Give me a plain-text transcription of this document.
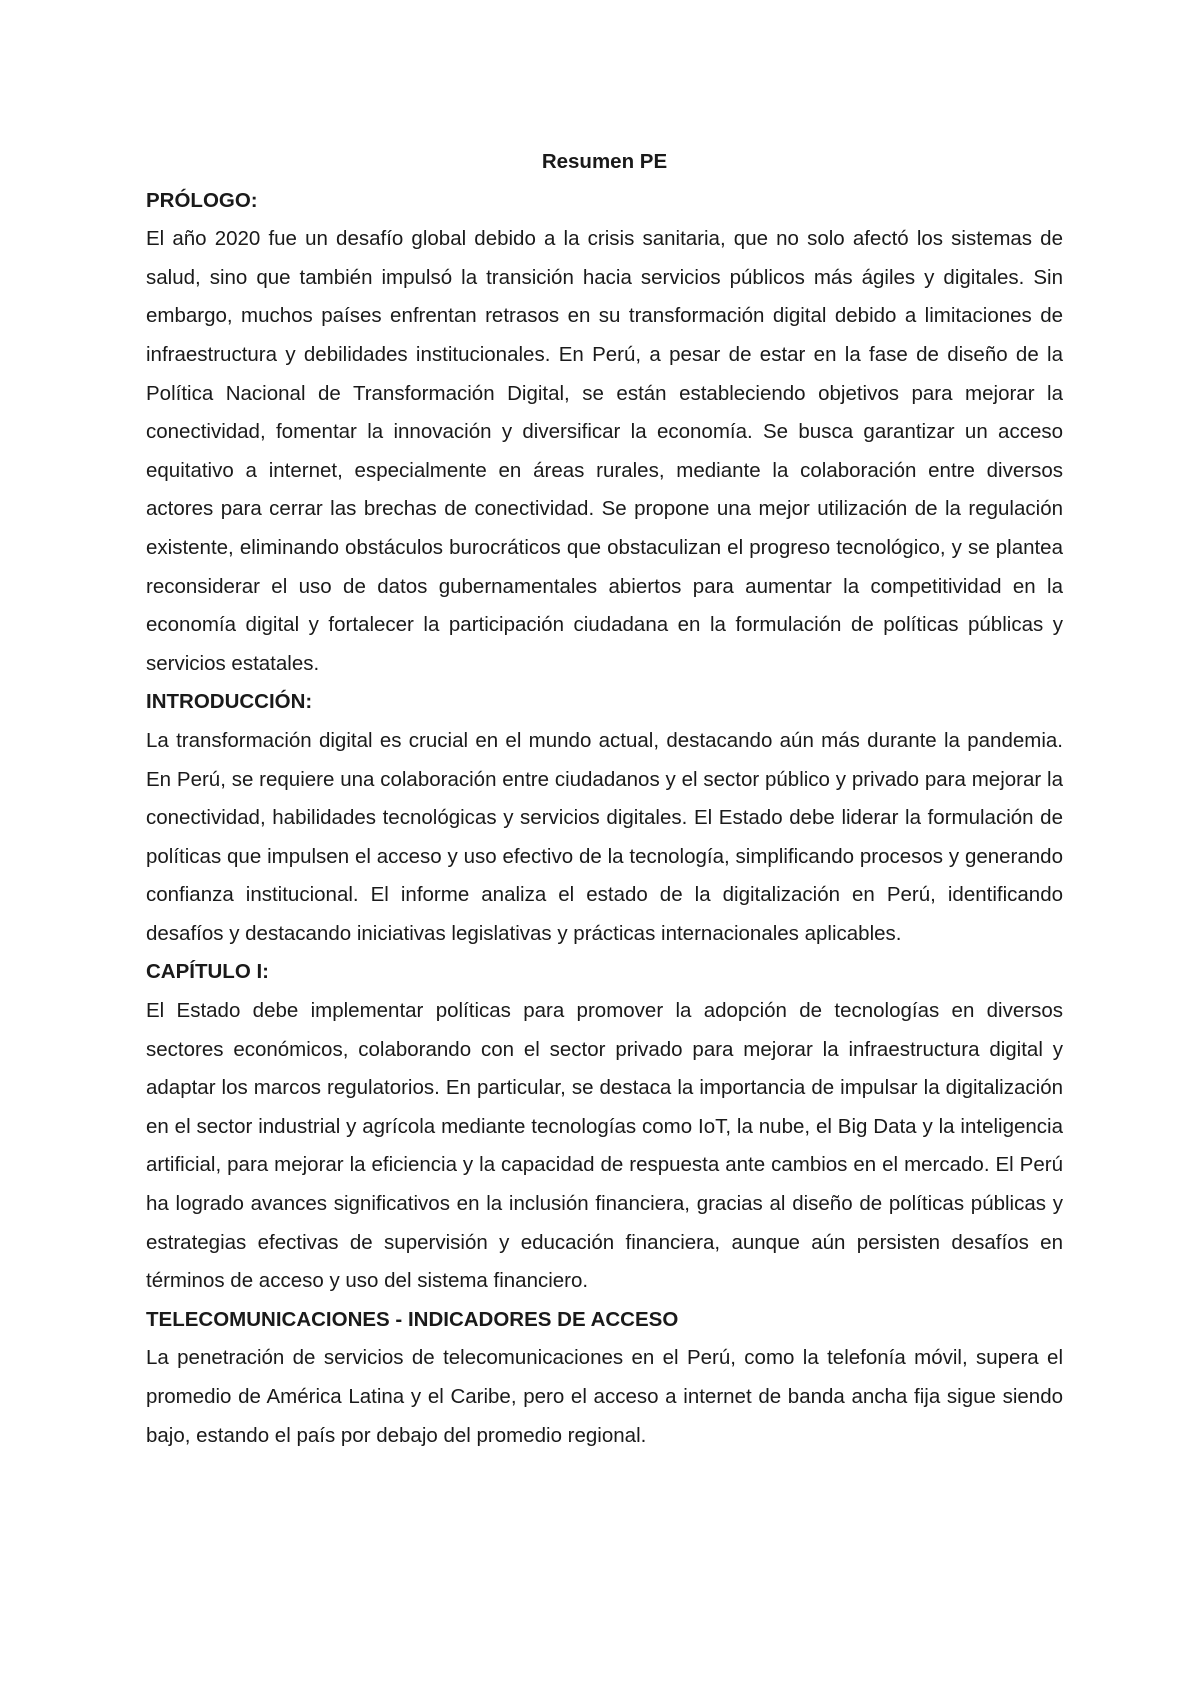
Resumen PE
PRÓLOGO:
El año 2020 fue un desafío global debido a la crisis sanitaria, que no solo afectó los sistemas de salud, sino que también impulsó la transición hacia servicios públicos más ágiles y digitales. Sin embargo, muchos países enfrentan retrasos en su transformación digital debido a limitaciones de infraestructura y debilidades institucionales. En Perú, a pesar de estar en la fase de diseño de la Política Nacional de Transformación Digital, se están estableciendo objetivos para mejorar la conectividad, fomentar la innovación y diversificar la economía. Se busca garantizar un acceso equitativo a internet, especialmente en áreas rurales, mediante la colaboración entre diversos actores para cerrar las brechas de conectividad. Se propone una mejor utilización de la regulación existente, eliminando obstáculos burocráticos que obstaculizan el progreso tecnológico, y se plantea reconsiderar el uso de datos gubernamentales abiertos para aumentar la competitividad en la economía digital y fortalecer la participación ciudadana en la formulación de políticas públicas y servicios estatales.
INTRODUCCIÓN:
La transformación digital es crucial en el mundo actual, destacando aún más durante la pandemia. En Perú, se requiere una colaboración entre ciudadanos y el sector público y privado para mejorar la conectividad, habilidades tecnológicas y servicios digitales. El Estado debe liderar la formulación de políticas que impulsen el acceso y uso efectivo de la tecnología, simplificando procesos y generando confianza institucional. El informe analiza el estado de la digitalización en Perú, identificando desafíos y destacando iniciativas legislativas y prácticas internacionales aplicables.
CAPÍTULO I:
El Estado debe implementar políticas para promover la adopción de tecnologías en diversos sectores económicos, colaborando con el sector privado para mejorar la infraestructura digital y adaptar los marcos regulatorios. En particular, se destaca la importancia de impulsar la digitalización en el sector industrial y agrícola mediante tecnologías como IoT, la nube, el Big Data y la inteligencia artificial, para mejorar la eficiencia y la capacidad de respuesta ante cambios en el mercado. El Perú ha logrado avances significativos en la inclusión financiera, gracias al diseño de políticas públicas y estrategias efectivas de supervisión y educación financiera, aunque aún persisten desafíos en términos de acceso y uso del sistema financiero.
TELECOMUNICACIONES - INDICADORES DE ACCESO
La penetración de servicios de telecomunicaciones en el Perú, como la telefonía móvil, supera el promedio de América Latina y el Caribe, pero el acceso a internet de banda ancha fija sigue siendo bajo, estando el país por debajo del promedio regional.
